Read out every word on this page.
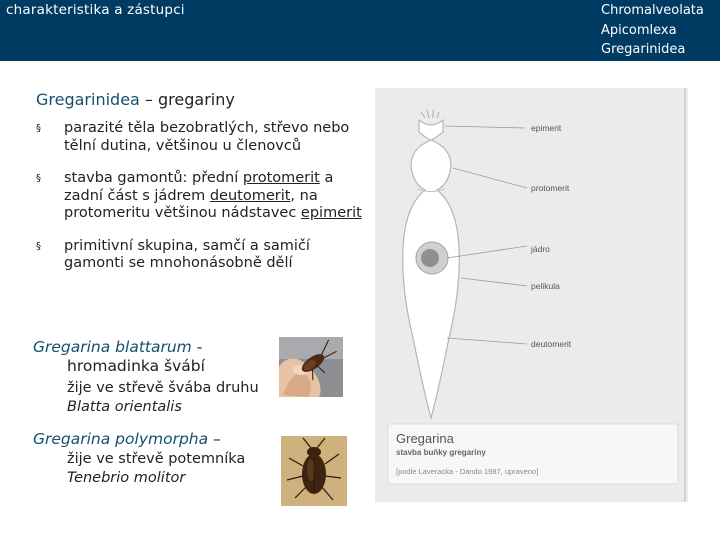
charakteristika a zástupci	Chromalveolata
Apicomlexa
Gregarinidea
Gregarinidea – gregariny
§ parazité těla bezobratlých, střevo nebo tělní dutina, většinou u členovců
§ stavba gamontů: přední protomerit a zadní část s jádrem deutomerit, na protomeritu většinou nádstavec epimerit
§ primitivní skupina, samčí a samičí gamonti se mnohonásobně dělí
Gregarina blattarum -
hromadinka švábí
žije ve střevě švába druhu Blatta orientalis
Gregarina polymorpha –
žije ve střevě potemníka Tenebrio molitor
epimerit
protomerit
jádro
pelikula
deutomerit
Gregarina
stavba buňky gregariny
[podle Laveracka - Dando 1987, upraveno]
